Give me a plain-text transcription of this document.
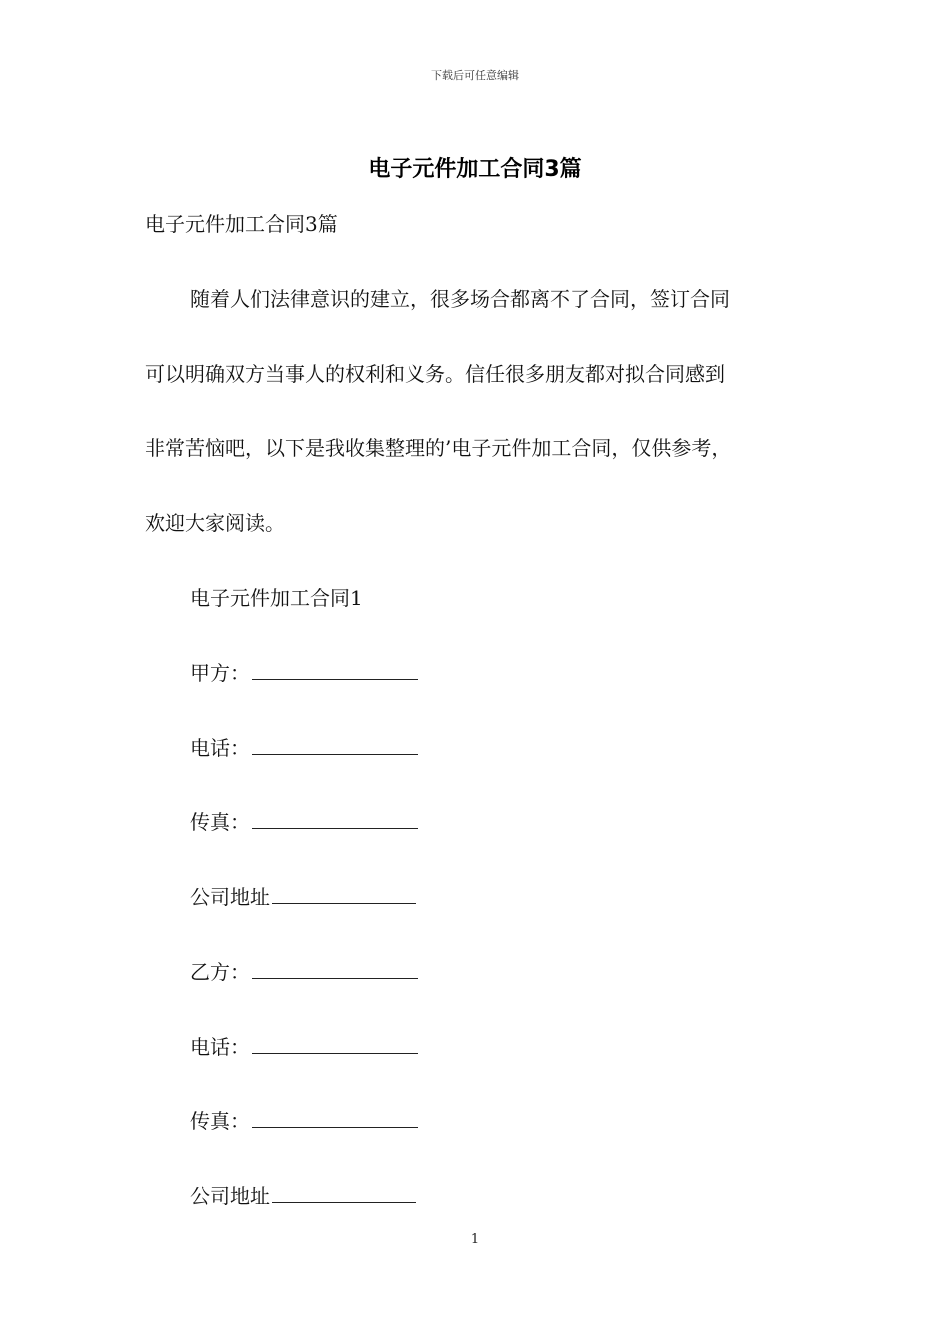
下载后可任意编辑
电子元件加工合同3篇
电子元件加工合同3篇
随着人们法律意识的建立，很多场合都离不了合同，签订合同
可以明确双方当事人的权利和义务。信任很多朋友都对拟合同感到
非常苦恼吧，以下是我收集整理的’电子元件加工合同，仅供参考，
欢迎大家阅读。
电子元件加工合同1
甲方：
电话：
传真：
公司地址
乙方：
电话：
传真：
公司地址
1
